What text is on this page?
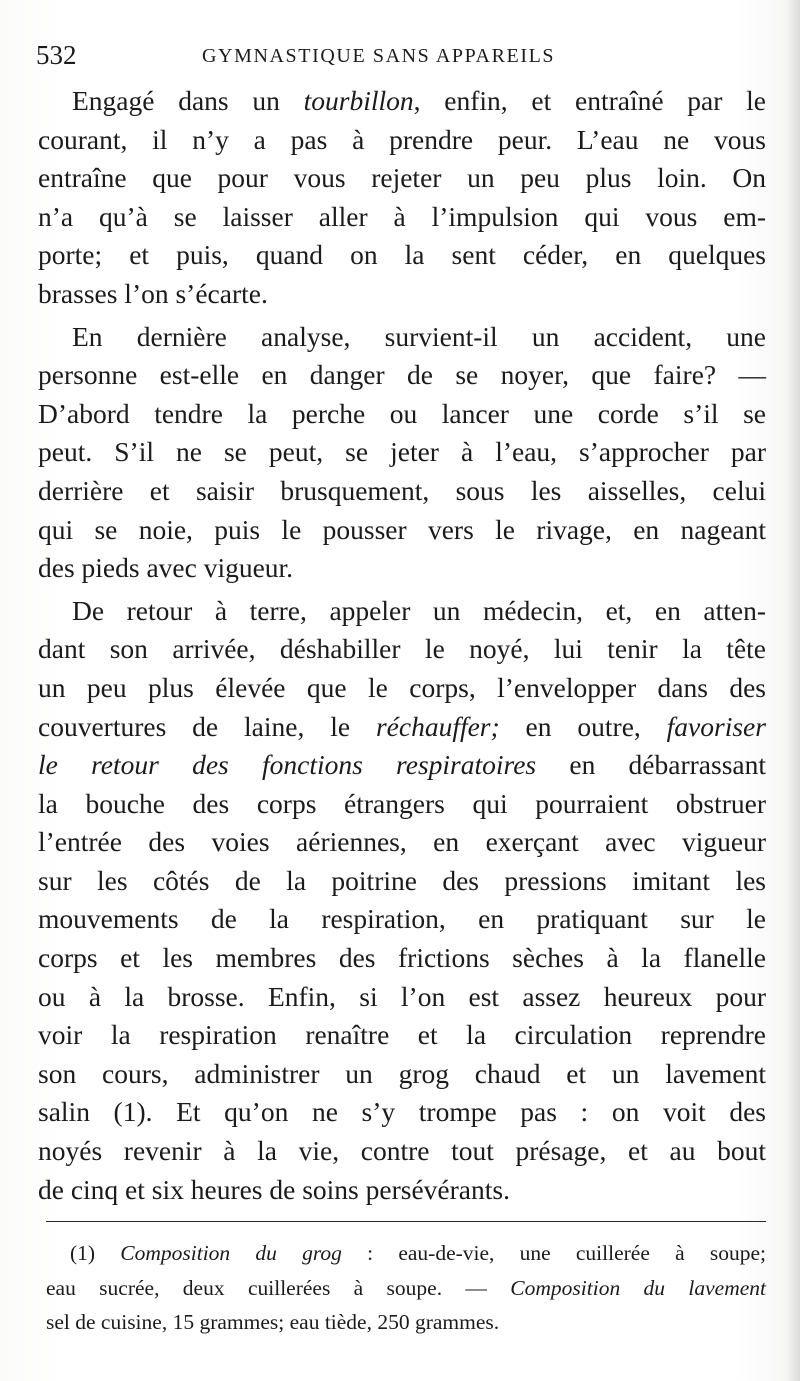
532	GYMNASTIQUE SANS APPAREILS
Engagé dans un tourbillon, enfin, et entraîné par le
courant, il n’y a pas à prendre peur. L’eau ne vous
entraîne que pour vous rejeter un peu plus loin. On
n’a qu’à se laisser aller à l’impulsion qui vous em-
porte; et puis, quand on la sent céder, en quelques
brasses l’on s’écarte.
En dernière analyse, survient-il un accident, une
personne est-elle en danger de se noyer, que faire? —
D’abord tendre la perche ou lancer une corde s’il se
peut. S’il ne se peut, se jeter à l’eau, s’approcher par
derrière et saisir brusquement, sous les aisselles, celui
qui se noie, puis le pousser vers le rivage, en nageant
des pieds avec vigueur.
De retour à terre, appeler un médecin, et, en atten-
dant son arrivée, déshabiller le noyé, lui tenir la tête
un peu plus élevée que le corps, l’envelopper dans des
couvertures de laine, le réchauffer; en outre, favoriser
le retour des fonctions respiratoires en débarrassant
la bouche des corps étrangers qui pourraient obstruer
l’entrée des voies aériennes, en exerçant avec vigueur
sur les côtés de la poitrine des pressions imitant les
mouvements de la respiration, en pratiquant sur le
corps et les membres des frictions sèches à la flanelle
ou à la brosse. Enfin, si l’on est assez heureux pour
voir la respiration renaître et la circulation reprendre
son cours, administrer un grog chaud et un lavement
salin (1). Et qu’on ne s’y trompe pas : on voit des
noyés revenir à la vie, contre tout présage, et au bout
de cinq et six heures de soins persévérants.
(1) Composition du grog : eau-de-vie, une cuillerée à soupe;
eau sucrée, deux cuillerées à soupe. — Composition du lavement
sel de cuisine, 15 grammes; eau tiède, 250 grammes.
